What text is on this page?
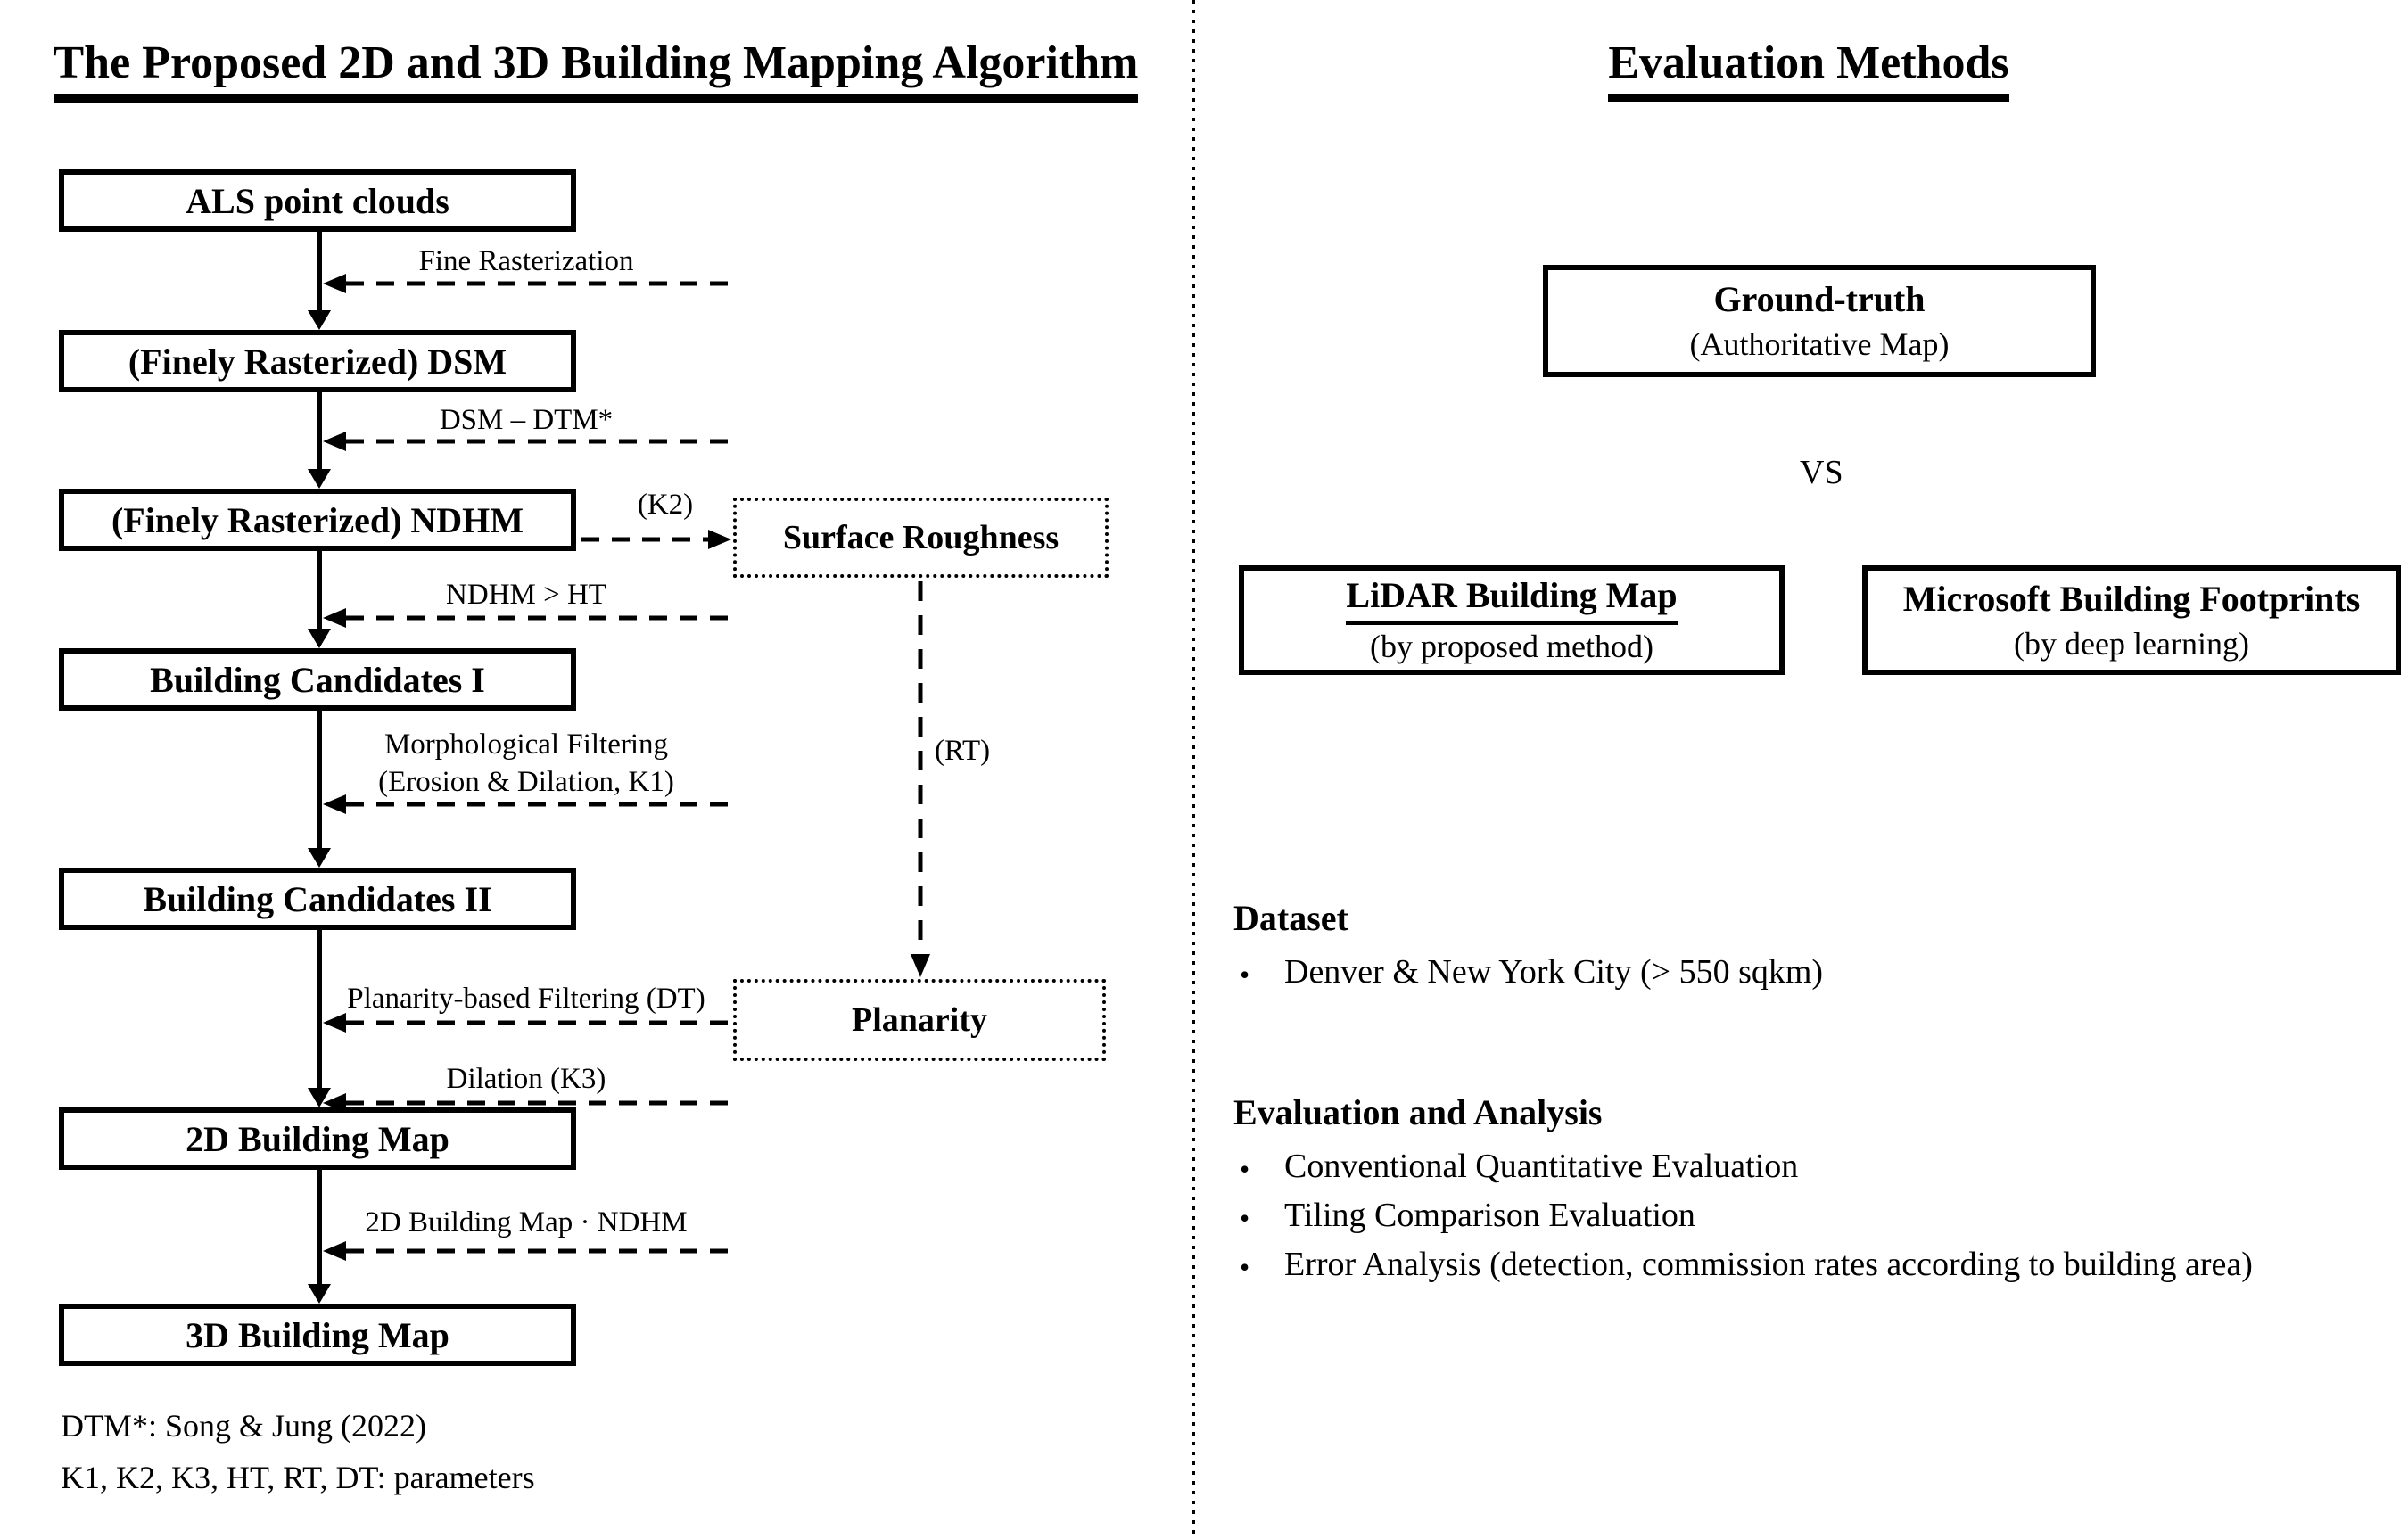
The Proposed 2D and 3D Building Mapping Algorithm
ALS point clouds
(Finely Rasterized) DSM
(Finely Rasterized) NDHM
Building Candidates I
Building Candidates II
2D Building Map
3D Building Map
Fine Rasterization
DSM – DTM*
NDHM > HT
Morphological Filtering
(Erosion & Dilation, K1)
Planarity-based Filtering (DT)
Dilation (K3)
2D Building Map · NDHM
(K2)
(RT)
Surface Roughness
Planarity
DTM*: Song & Jung (2022)
K1, K2, K3, HT, RT, DT: parameters
Evaluation Methods
Ground-truth
(Authoritative Map)
VS
LiDAR Building Map
(by proposed method)
Microsoft Building Footprints
(by deep learning)
Dataset
• Denver & New York City (> 550 sqkm)
Evaluation and Analysis
• Conventional Quantitative Evaluation
• Tiling Comparison Evaluation
• Error Analysis (detection, commission rates according to building area)
